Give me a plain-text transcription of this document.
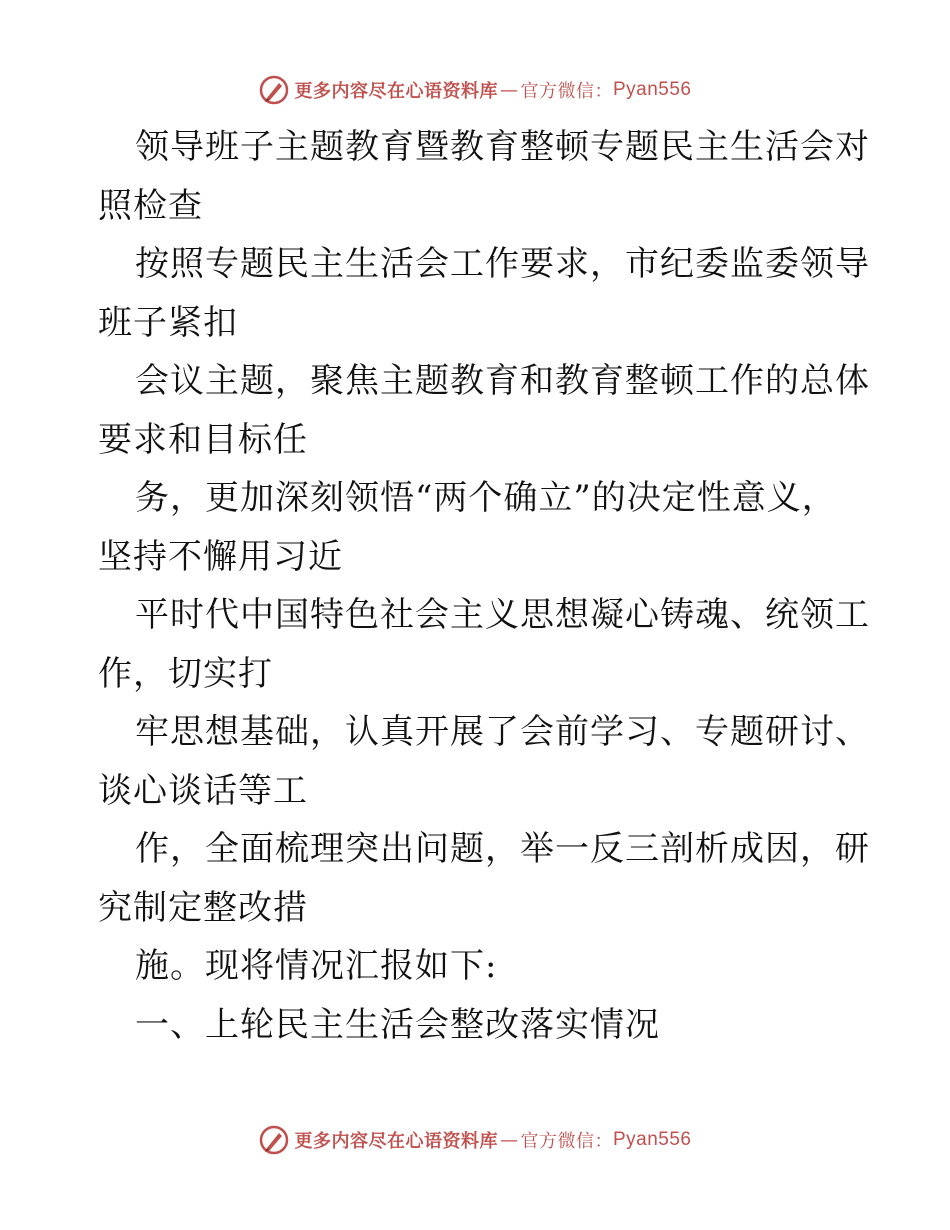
更多内容尽在心语资料库 — 官方微信： Pyan556
领导班子主题教育暨教育整顿专题民主生活会对
照检查
按照专题民主生活会工作要求，市纪委监委领导
班子紧扣
会议主题，聚焦主题教育和教育整顿工作的总体
要求和目标任
务，更加深刻领悟“两个确立”的决定性意义，
坚持不懈用习近
平时代中国特色社会主义思想凝心铸魂、统领工
作，切实打
牢思想基础，认真开展了会前学习、专题研讨、
谈心谈话等工
作，全面梳理突出问题，举一反三剖析成因，研
究制定整改措
施。现将情况汇报如下:
一、上轮民主生活会整改落实情况
更多内容尽在心语资料库 — 官方微信： Pyan556
